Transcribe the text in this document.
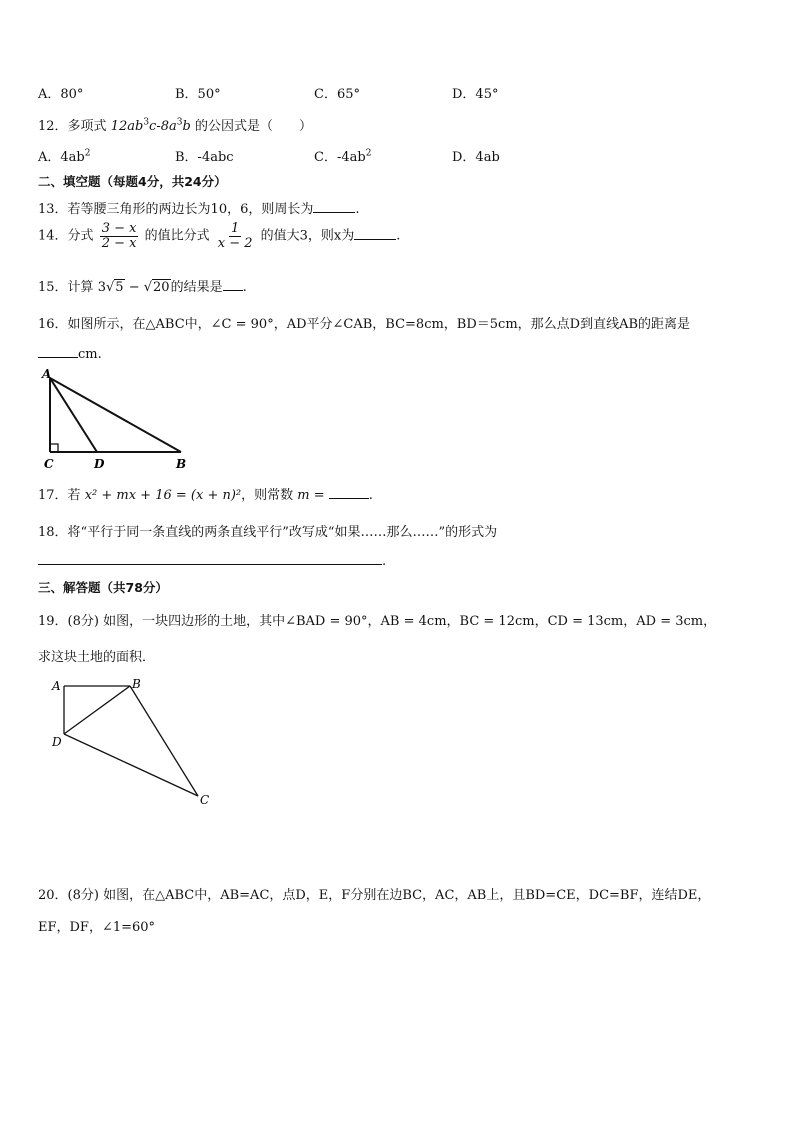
A．80°	B．50°	C．65°	D．45°
12．多项式 $12ab^3c-8a^3b$ 的公因式是（　　）
A．$4ab^2$	B．-4abc	C．$-4ab^2$	D．4ab
二、填空题（每题4分，共24分）
13．若等腰三角形的两边长为10，6，则周长为	.
14．分式 $\frac{3 - x}{2 - x}$ 的值比分式 $\frac{1}{x - 2}$ 的值大3，则x为	.
15．计算 3√5 − √20的结果是 .
16．如图所示，在△ABC中，∠C = 90°，AD平分∠CAB，BC=8cm，BD＝5cm，那么点D到直线AB的距离是
cm.
A
C	D	B
17．若 x² + mx + 16 = (x + n)²，则常数 m =	.
18．将“平行于同一条直线的两条直线平行”改写成“如果……那么……”的形式为
.
三、解答题（共78分）
19．(8分) 如图，一块四边形的土地，其中∠BAD = 90°，AB = 4cm，BC = 12cm，CD = 13cm，AD = 3cm，
求这块土地的面积．
A	B
D
C
20．(8分) 如图，在△ABC中，AB=AC，点D，E，F分别在边BC，AC，AB上，且BD=CE，DC=BF，连结DE，
EF，DF，∠1=60°
